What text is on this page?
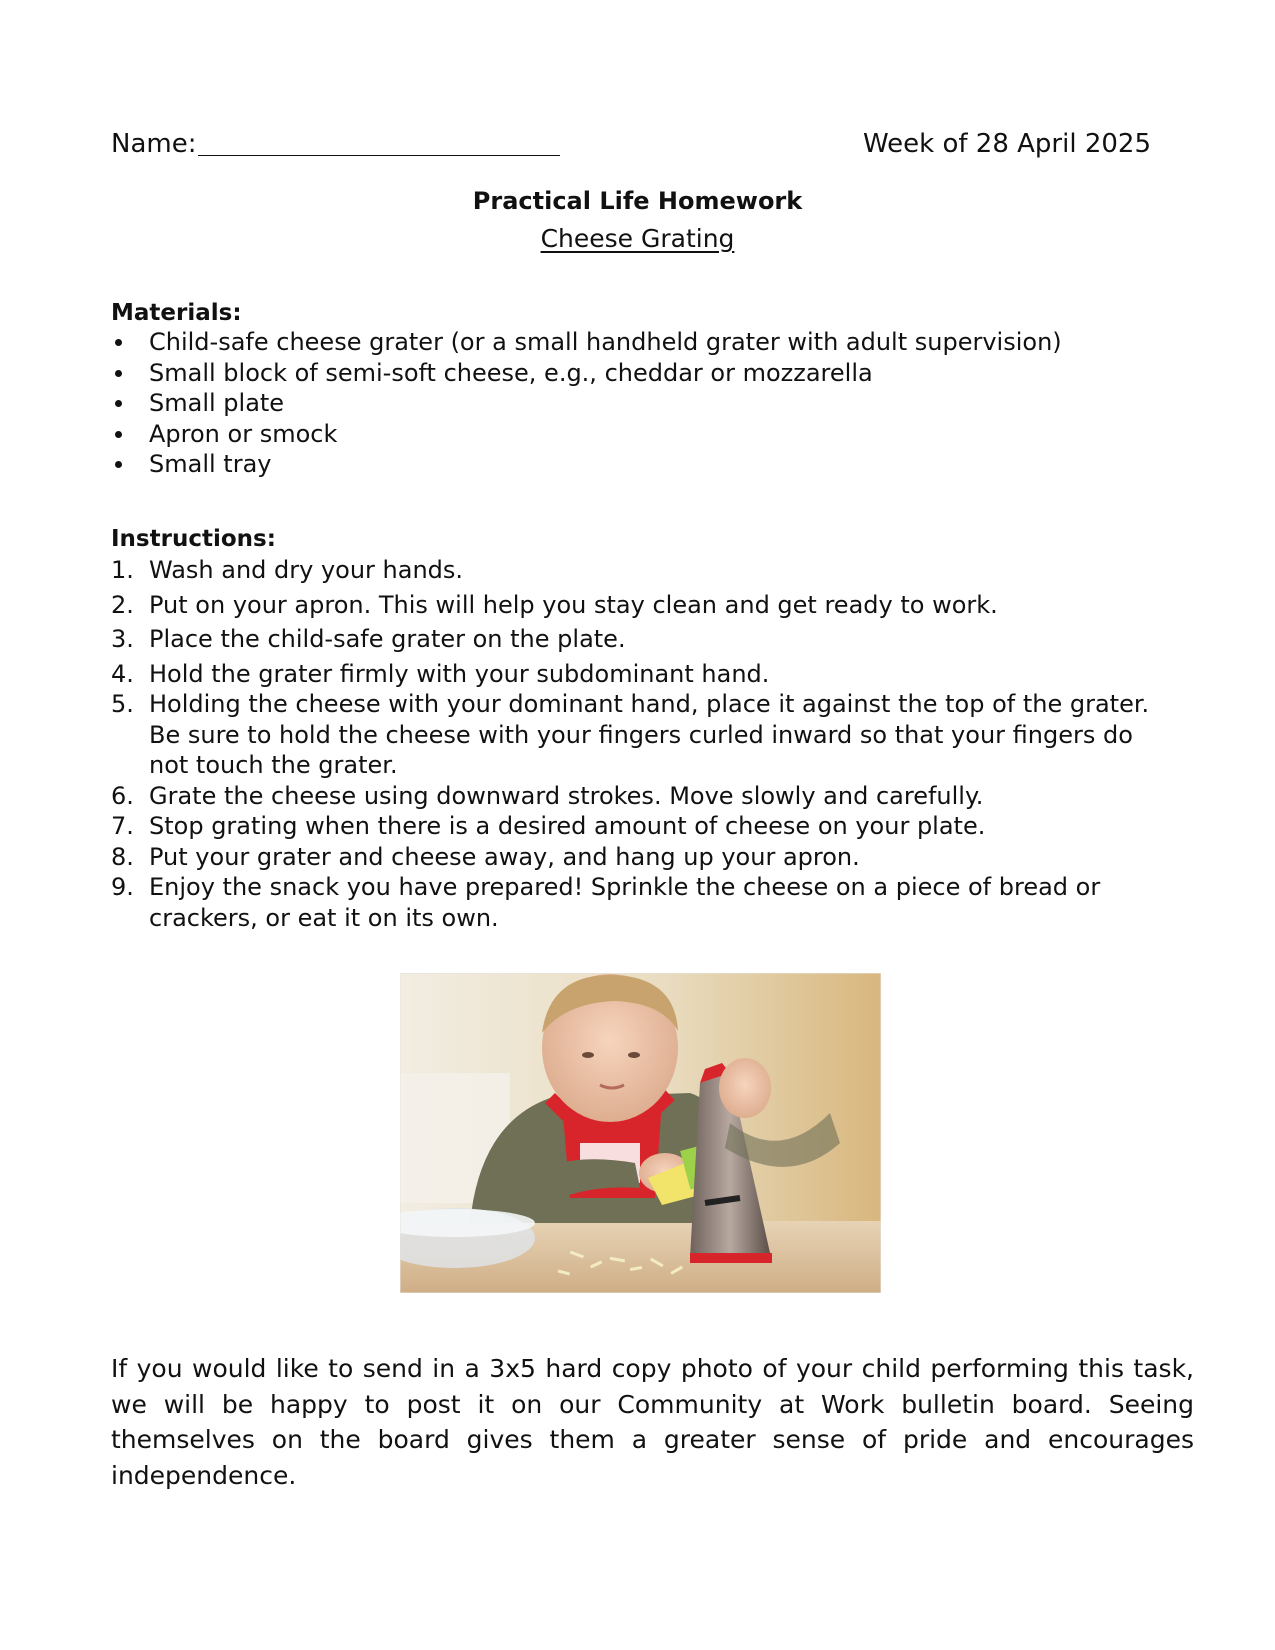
Name:	Week of 28 April 2025
Practical Life Homework
Cheese Grating
Materials:
Child-safe cheese grater (or a small handheld grater with adult supervision)
Small block of semi-soft cheese, e.g., cheddar or mozzarella
Small plate
Apron or smock
Small tray
Instructions:
1. Wash and dry your hands.
2. Put on your apron. This will help you stay clean and get ready to work.
3. Place the child-safe grater on the plate.
4. Hold the grater firmly with your subdominant hand.
5. Holding the cheese with your dominant hand, place it against the top of the grater. Be sure to hold the cheese with your fingers curled inward so that your fingers do not touch the grater.
6. Grate the cheese using downward strokes. Move slowly and carefully.
7. Stop grating when there is a desired amount of cheese on your plate.
8. Put your grater and cheese away, and hang up your apron.
9. Enjoy the snack you have prepared! Sprinkle the cheese on a piece of bread or crackers, or eat it on its own.

If you would like to send in a 3x5 hard copy photo of your child performing this task, we will be happy to post it on our Community at Work bulletin board. Seeing themselves on the board gives them a greater sense of pride and encourages independence.
